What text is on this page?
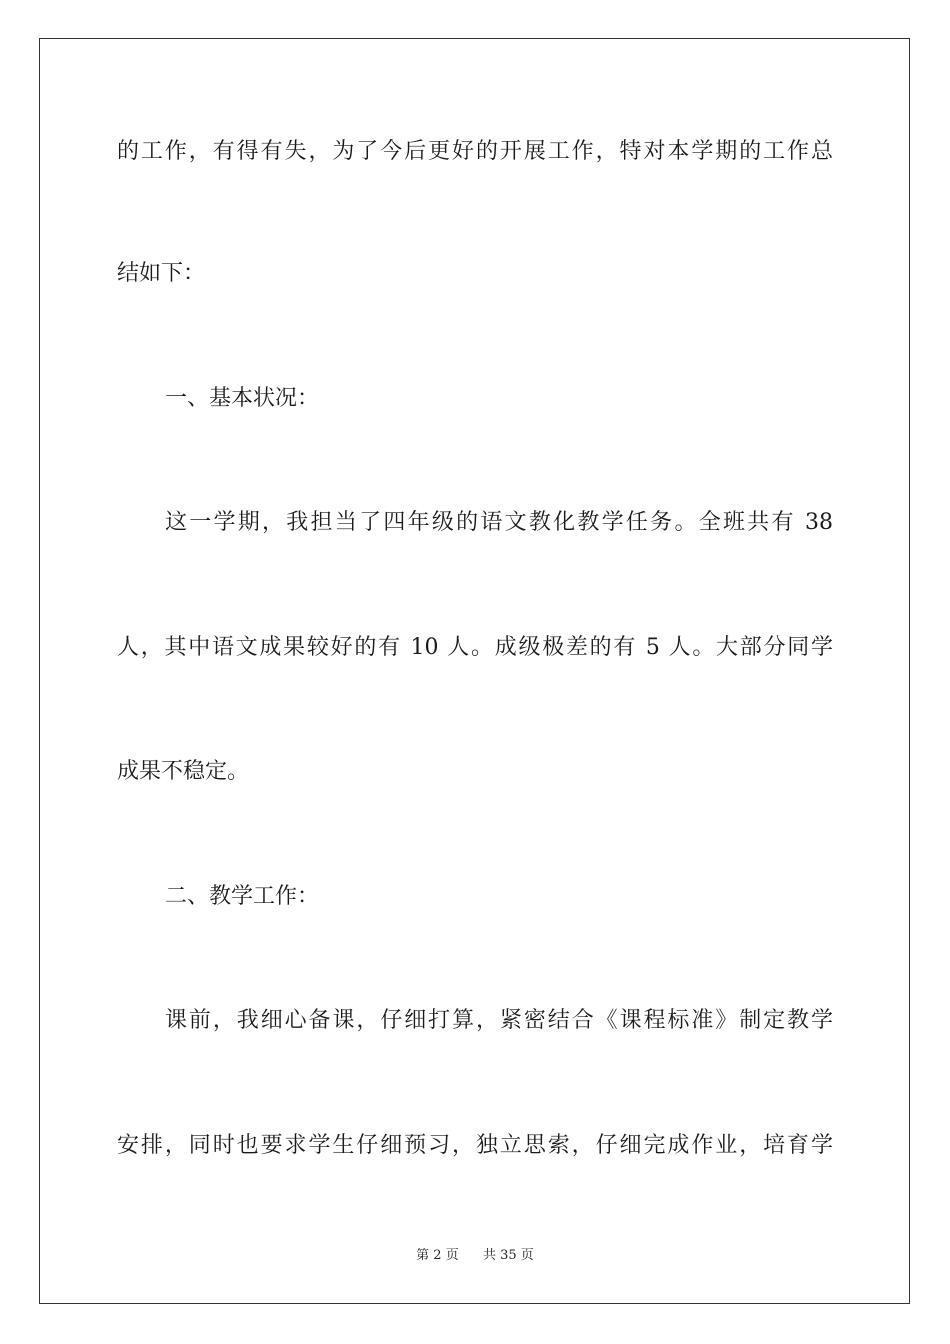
的工作，有得有失，为了今后更好的开展工作，特对本学期的工作总
结如下：
一、基本状况：
这一学期，我担当了四年级的语文教化教学任务。全班共有 38
人，其中语文成果较好的有 10 人。成级极差的有 5 人。大部分同学
成果不稳定。
二、教学工作：
课前，我细心备课，仔细打算，紧密结合《课程标准》制定教学
安排，同时也要求学生仔细预习，独立思索，仔细完成作业，培育学
第 2 页 共 35 页
